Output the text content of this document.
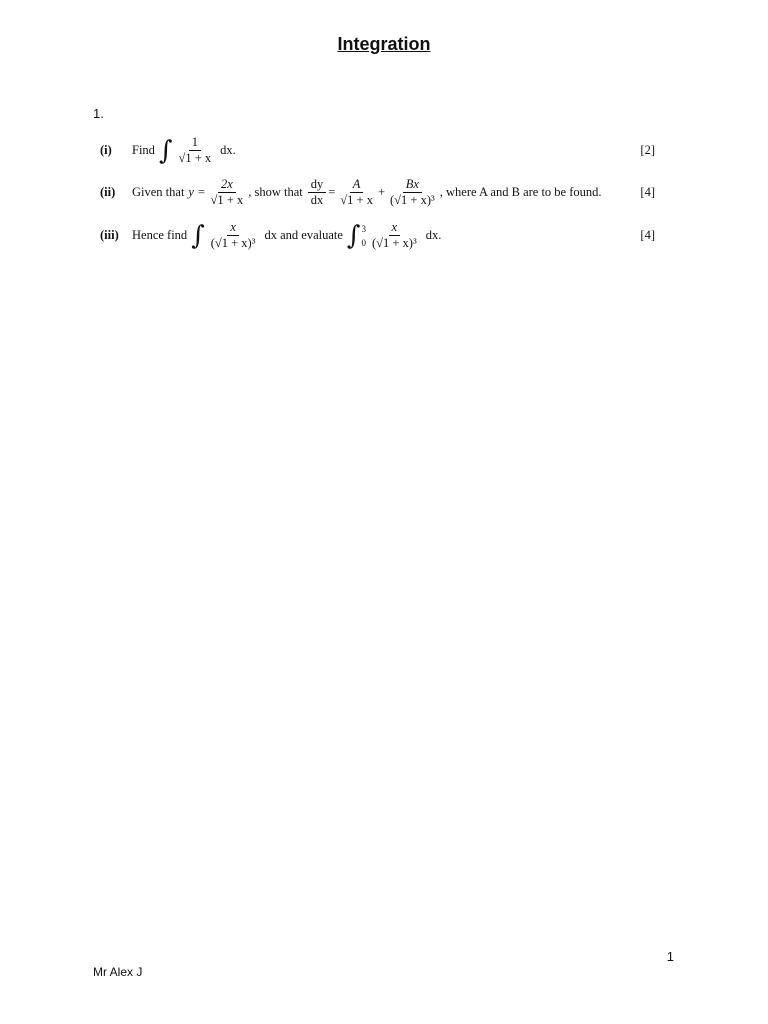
Integration
1.
(i)	Find ∫ $\frac{1}{√1 + x}$ dx.	[2]
(ii)	Given that $y = \frac{2x}{√1 + x}$ , show that $\frac{dy}{dx} = \frac{A}{√1 + x} + \frac{Bx}{\text{(√1 + x)³}}$ , where A and B are to be found.	[4]
(iii)	Hence find ∫ $\frac{x}{\text{(√1 + x)³}}$ dx and evaluate ∫ 3
$0 \frac{x}{\text{(√1 + x)³}}$ dx.	[4]
1
Mr Alex J
